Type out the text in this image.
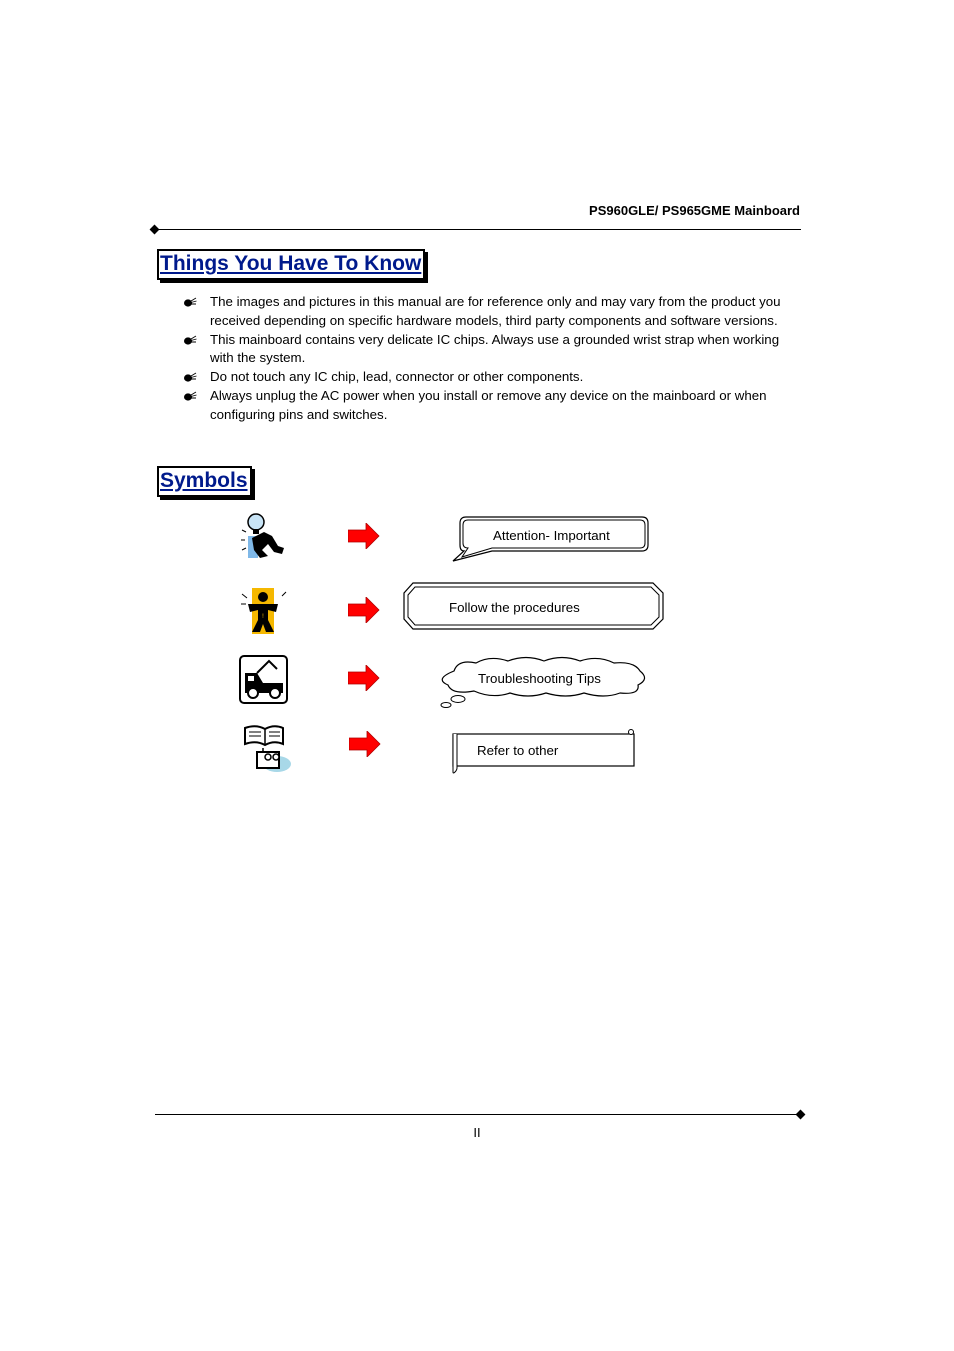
PS960GLE/ PS965GME Mainboard
Things You Have To Know
The images and pictures in this manual are for reference only and may vary from the product you received depending on specific hardware models, third party components and software versions.
This mainboard contains very delicate IC chips. Always use a grounded wrist strap when working with the system.
Do not touch any IC chip, lead, connector or other components.
Always unplug the AC power when you install or remove any device on the mainboard or when configuring pins and switches.
Symbols
Attention- Important
!
Follow the procedures
Troubleshooting Tips
Refer to other
II
